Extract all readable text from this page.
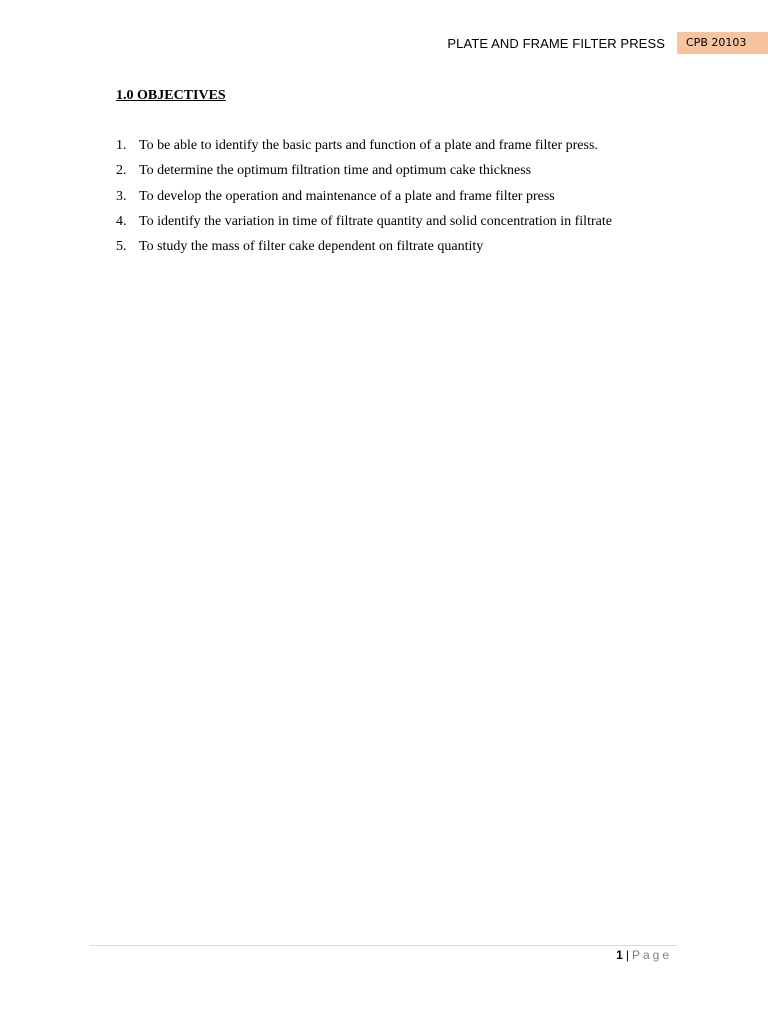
PLATE AND FRAME FILTER PRESS CPB 20103
1.0 OBJECTIVES
1. To be able to identify the basic parts and function of a plate and frame filter press.
2. To determine the optimum filtration time and optimum cake thickness
3. To develop the operation and maintenance of a plate and frame filter press
4. To identify the variation in time of filtrate quantity and solid concentration in filtrate
5. To study the mass of filter cake dependent on filtrate quantity
1 | Page
